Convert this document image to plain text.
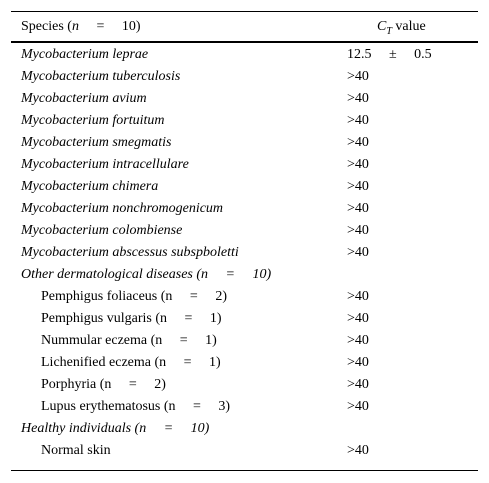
Species (n     =     10)	$C_T$ value
Mycobacterium leprae	12.5     ±     0.5
Mycobacterium tuberculosis	>40
Mycobacterium avium	>40
Mycobacterium fortuitum	>40
Mycobacterium smegmatis	>40
Mycobacterium intracellulare	>40
Mycobacterium chimera	>40
Mycobacterium nonchromogenicum	>40
Mycobacterium colombiense	>40
Mycobacterium abscessus subspboletti	>40
Other dermatological diseases (n     =     10)
Pemphigus foliaceus (n     =     2)	>40
Pemphigus vulgaris (n     =     1)	>40
Nummular eczema (n     =     1)	>40
Lichenified eczema (n     =     1)	>40
Porphyria (n     =     2)	>40
Lupus erythematosus (n     =     3)	>40
Healthy individuals (n     =     10)
Normal skin	>40
